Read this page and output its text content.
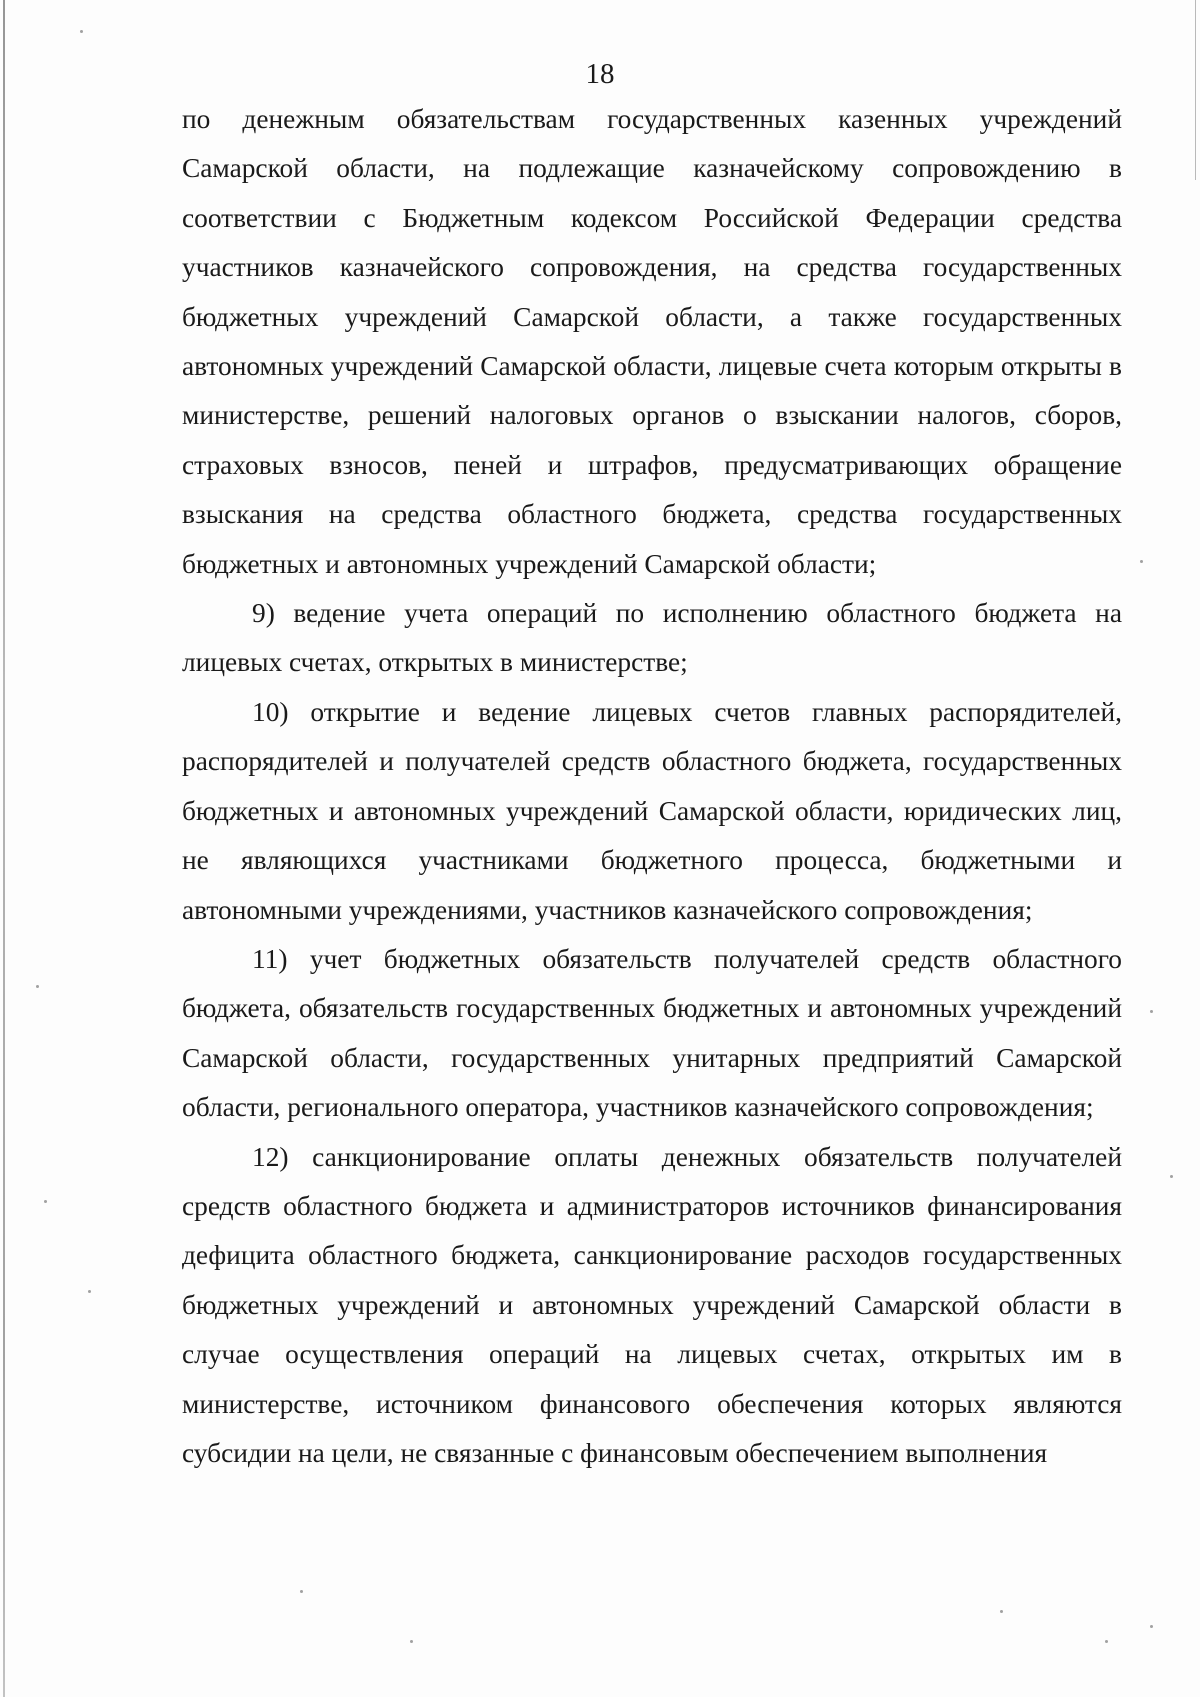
18

по денежным обязательствам государственных казенных учреждений Самарской области, на подлежащие казначейскому сопровождению в соответствии с Бюджетным кодексом Российской Федерации средства участников казначейского сопровождения, на средства государственных бюджетных учреждений Самарской области, а также государственных автономных учреждений Самарской области, лицевые счета которым открыты в министерстве, решений налоговых органов о взыскании налогов, сборов, страховых взносов, пеней и штрафов, предусматривающих обращение взыскания на средства областного бюджета, средства государственных бюджетных и автономных учреждений Самарской области;

9) ведение учета операций по исполнению областного бюджета на лицевых счетах, открытых в министерстве;

10) открытие и ведение лицевых счетов главных распорядителей, распорядителей и получателей средств областного бюджета, государственных бюджетных и автономных учреждений Самарской области, юридических лиц, не являющихся участниками бюджетного процесса, бюджетными и автономными учреждениями, участников казначейского сопровождения;

11) учет бюджетных обязательств получателей средств областного бюджета, обязательств государственных бюджетных и автономных учреждений Самарской области, государственных унитарных предприятий Самарской области, регионального оператора, участников казначейского сопровождения;

12) санкционирование оплаты денежных обязательств получателей средств областного бюджета и администраторов источников финансирования дефицита областного бюджета, санкционирование расходов государственных бюджетных учреждений и автономных учреждений Самарской области в случае осуществления операций на лицевых счетах, открытых им в министерстве, источником финансового обеспечения которых являются субсидии на цели, не связанные с финансовым обеспечением выполнения
